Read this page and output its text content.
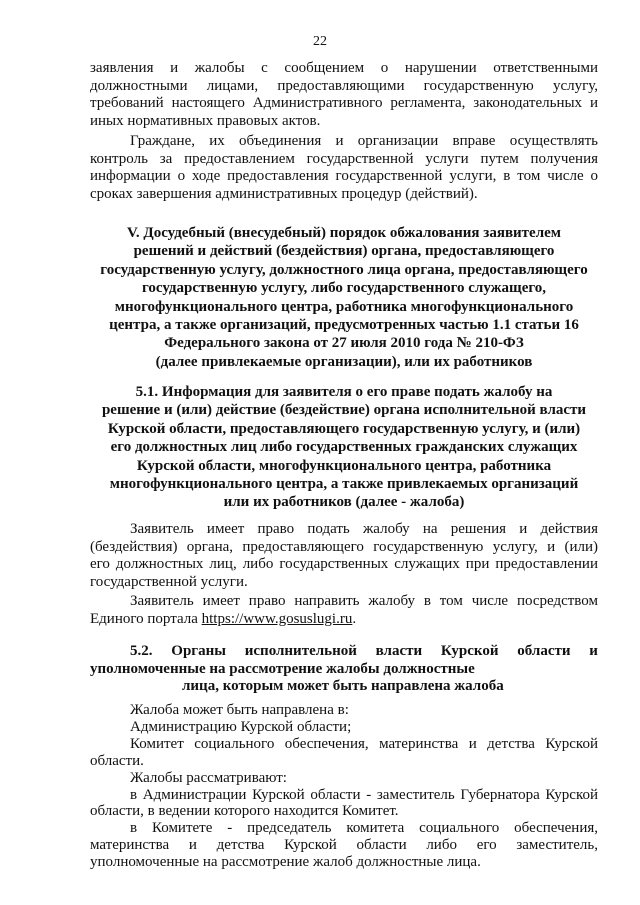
22
заявления и жалобы с сообщением о нарушении ответственными
должностными лицами, предоставляющими государственную услугу,
требований настоящего Административного регламента, законодательных и
иных нормативных правовых актов.
Граждане, их объединения и организации вправе осуществлять
контроль за предоставлением государственной услуги путем получения
информации о ходе предоставления государственной услуги, в том числе о
сроках завершения административных процедур (действий).
V. Досудебный (внесудебный) порядок обжалования заявителем
решений и действий (бездействия) органа, предоставляющего
государственную услугу, должностного лица органа, предоставляющего
государственную услугу, либо государственного служащего,
многофункционального центра, работника многофункционального
центра, а также организаций, предусмотренных частью 1.1 статьи 16
Федерального закона от 27 июля 2010 года № 210-ФЗ
(далее привлекаемые организации), или их работников
5.1. Информация для заявителя о его праве подать жалобу на
решение и (или) действие (бездействие) органа исполнительной власти
Курской области, предоставляющего государственную услугу, и (или)
его должностных лиц либо государственных гражданских служащих
Курской области, многофункционального центра, работника
многофункционального центра, а также привлекаемых организаций
или их работников (далее - жалоба)
Заявитель имеет право подать жалобу на решения и действия
(бездействия) органа, предоставляющего государственную услугу, и (или)
его должностных лиц, либо государственных служащих при предоставлении
государственной услуги.
Заявитель имеет право направить жалобу в том числе посредством
Единого портала https://www.gosuslugi.ru.
5.2. Органы исполнительной власти Курской области и
уполномоченные на рассмотрение жалобы должностные
лица, которым может быть направлена жалоба
Жалоба может быть направлена в:
Администрацию Курской области;
Комитет социального обеспечения, материнства и детства Курской
области.
Жалобы рассматривают:
в Администрации Курской области - заместитель Губернатора Курской
области, в ведении которого находится Комитет.
в Комитете - председатель комитета социального обеспечения,
материнства и детства Курской области либо его заместитель,
уполномоченные на рассмотрение жалоб должностные лица.
